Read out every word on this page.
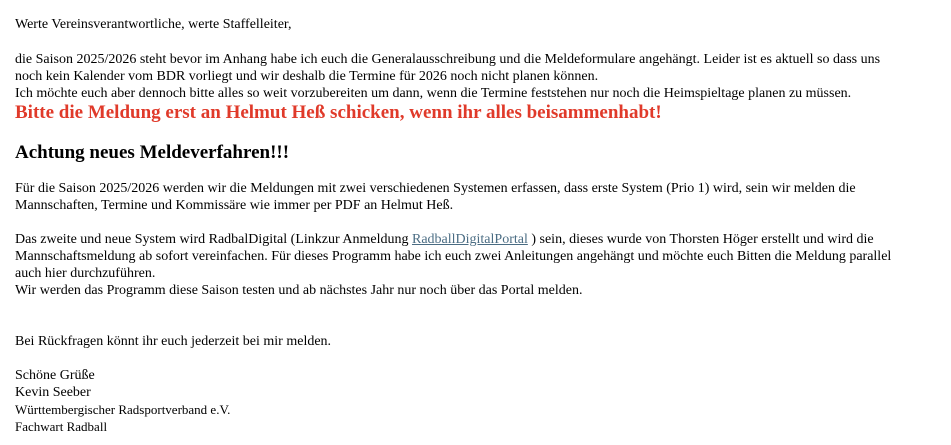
Werte Vereinsverantwortliche, werte Staffelleiter,
die Saison 2025/2026 steht bevor im Anhang habe ich euch die Generalausschreibung und die Meldeformulare angehängt. Leider ist es aktuell so dass uns
noch kein Kalender vom BDR vorliegt und wir deshalb die Termine für 2026 noch nicht planen können.
Ich möchte euch aber dennoch bitte alles so weit vorzubereiten um dann, wenn die Termine feststehen nur noch die Heimspieltage planen zu müssen.
Bitte die Meldung erst an Helmut Heß schicken, wenn ihr alles beisammenhabt!
Achtung neues Meldeverfahren!!!
Für die Saison 2025/2026 werden wir die Meldungen mit zwei verschiedenen Systemen erfassen, dass erste System (Prio 1) wird, sein wir melden die
Mannschaften, Termine und Kommissäre wie immer per PDF an Helmut Heß.
Das zweite und neue System wird RadbalDigital (Linkzur Anmeldung RadballDigitalPortal ) sein, dieses wurde von Thorsten Höger erstellt und wird die Mannschaftsmeldung ab sofort vereinfachen. Für dieses Programm habe ich euch zwei Anleitungen angehängt und möchte euch Bitten die Meldung parallel
auch hier durchzuführen.
Wir werden das Programm diese Saison testen und ab nächstes Jahr nur noch über das Portal melden.
Bei Rückfragen könnt ihr euch jederzeit bei mir melden.
Schöne Grüße
Kevin Seeber
Württembergischer Radsportverband e.V.
Fachwart Radball
